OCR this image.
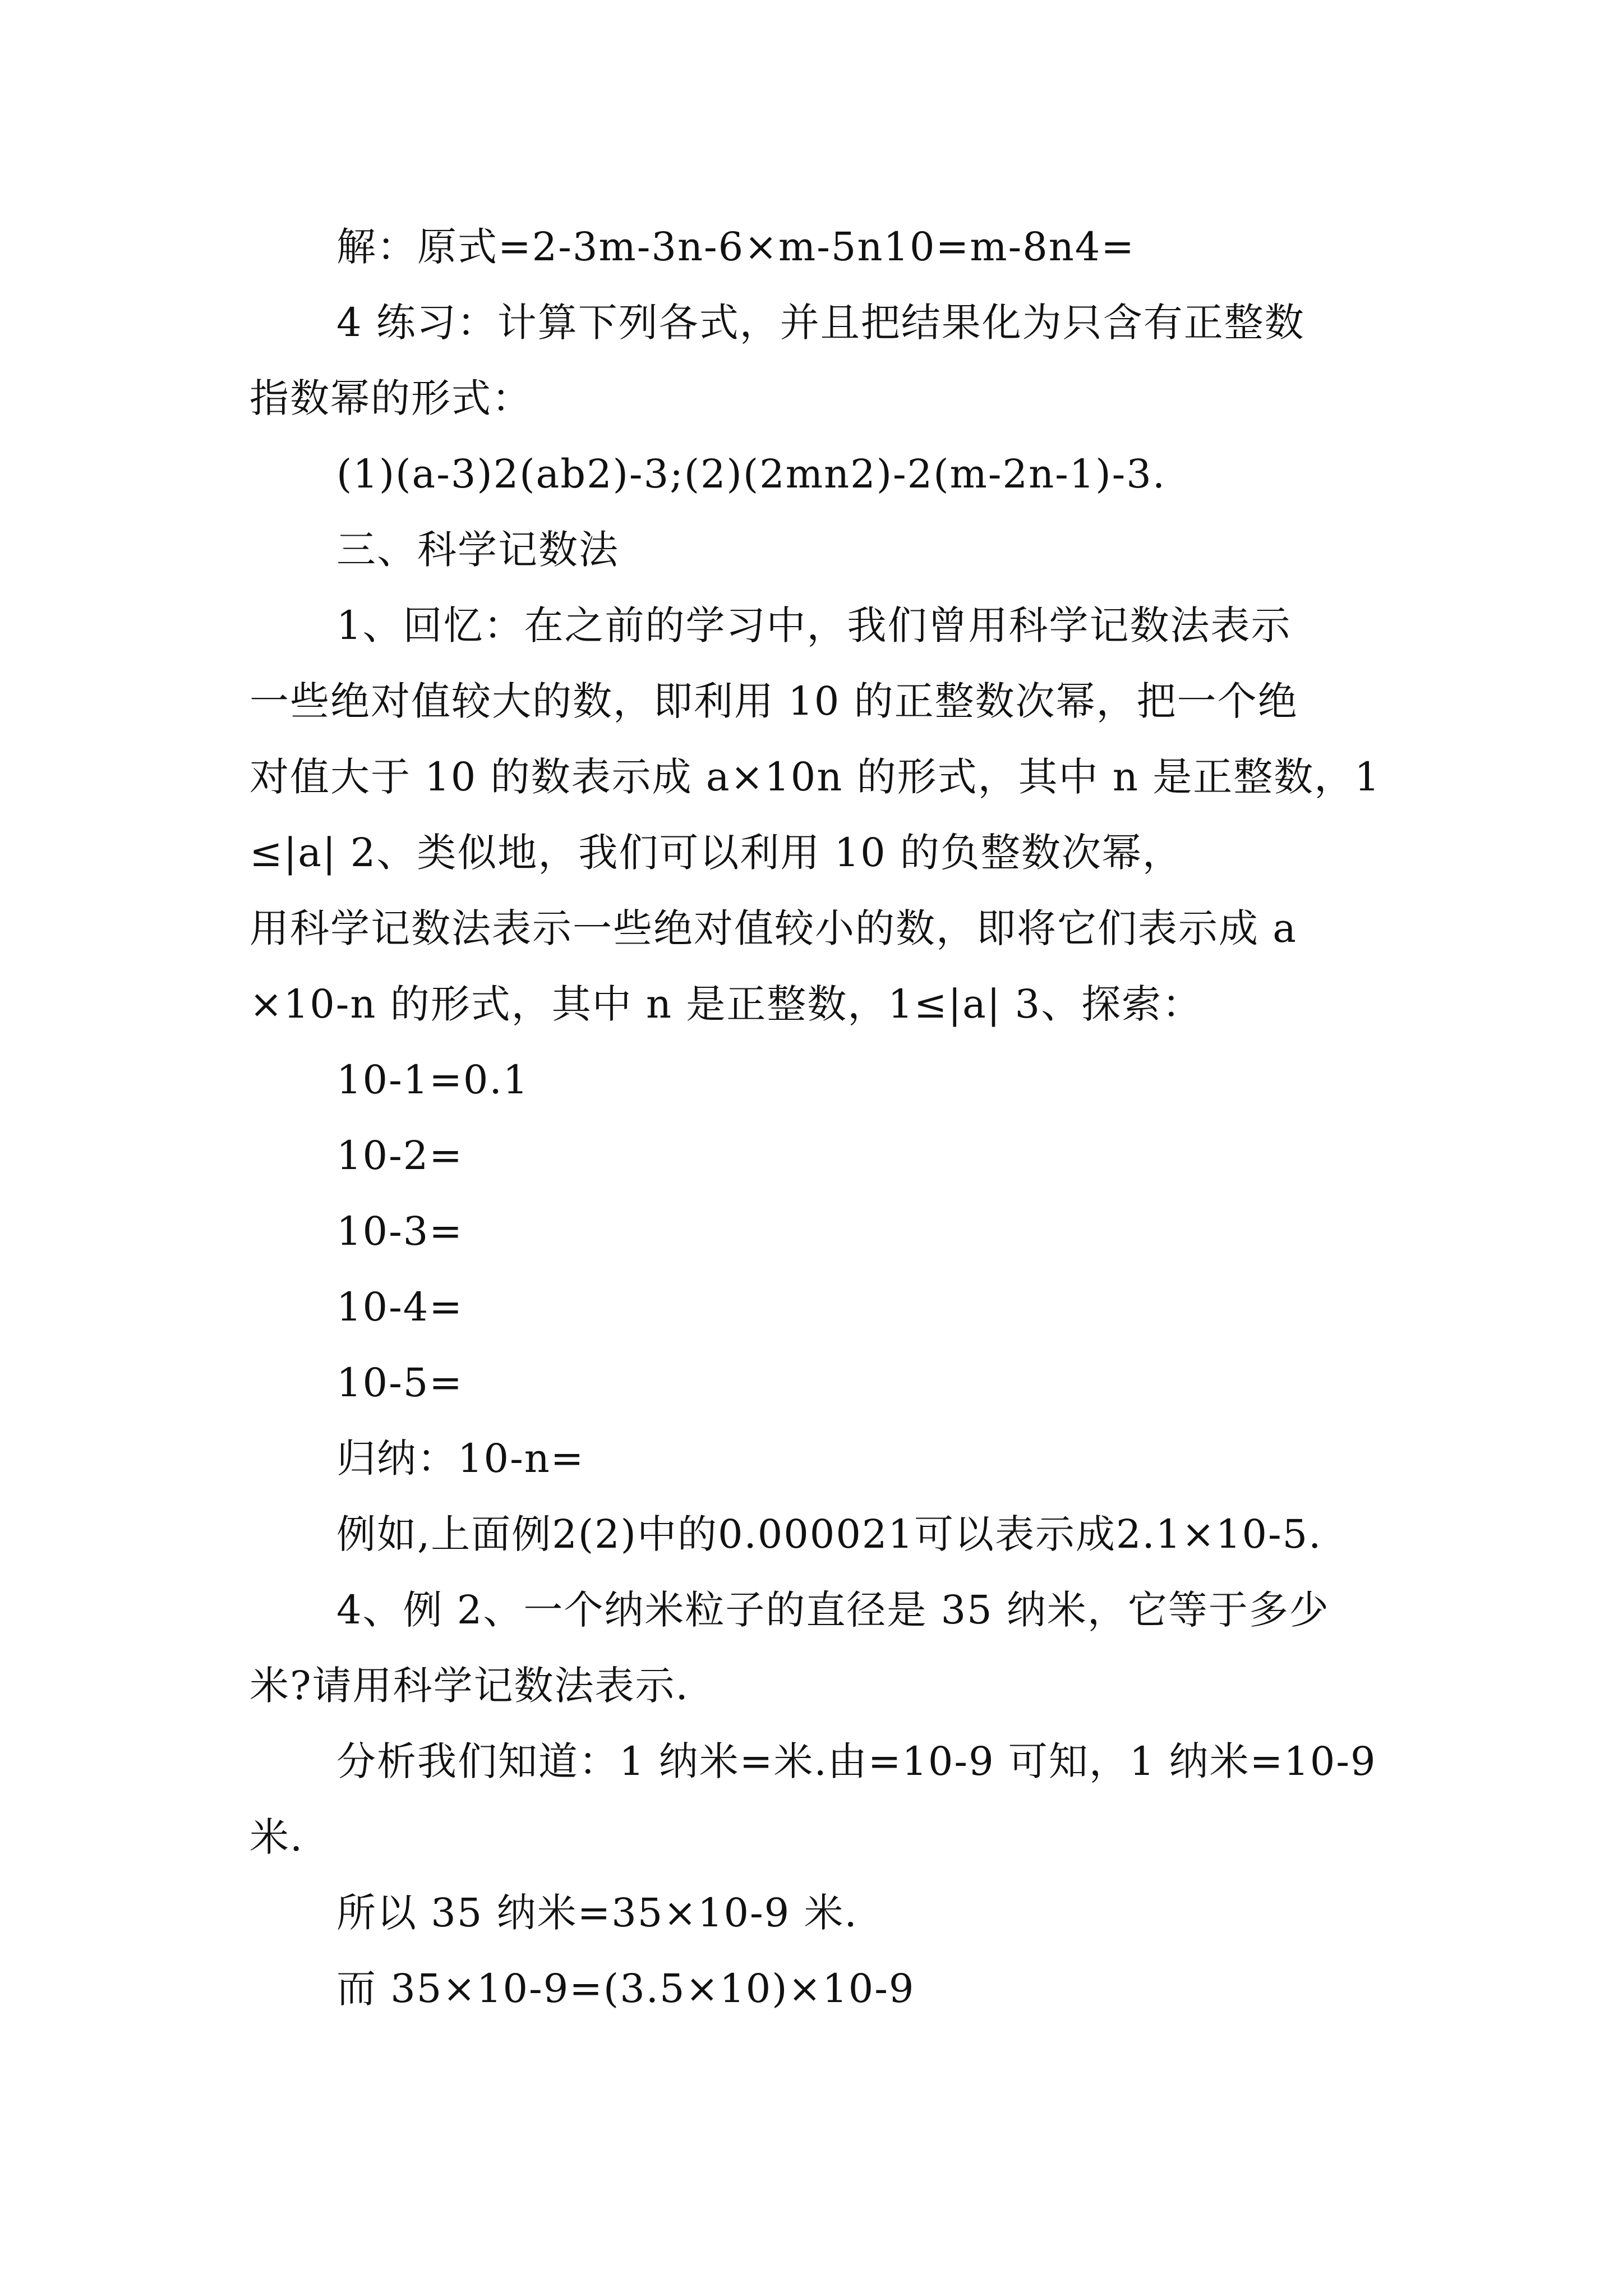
解：原式=2-3m-3n-6×m-5n10=m-8n4=
4 练习：计算下列各式，并且把结果化为只含有正整数
指数幂的形式：
(1)(a-3)2(ab2)-3;(2)(2mn2)-2(m-2n-1)-3.
三、科学记数法
1、回忆：在之前的学习中，我们曾用科学记数法表示
一些绝对值较大的数，即利用 10 的正整数次幂，把一个绝
对值大于 10 的数表示成 a×10n 的形式，其中 n 是正整数，1
≤|a| 2、类似地，我们可以利用 10 的负整数次幂，
用科学记数法表示一些绝对值较小的数，即将它们表示成 a
×10-n 的形式，其中 n 是正整数，1≤|a| 3、探索：
10-1=0.1
10-2=
10-3=
10-4=
10-5=
归纳：10-n=
例如,上面例2(2)中的0.000021可以表示成2.1×10-5.
4、例 2、一个纳米粒子的直径是 35 纳米，它等于多少
米?请用科学记数法表示.
分析我们知道：1 纳米=米.由=10-9 可知，1 纳米=10-9
米.
所以 35 纳米=35×10-9 米.
而 35×10-9=(3.5×10)×10-9
